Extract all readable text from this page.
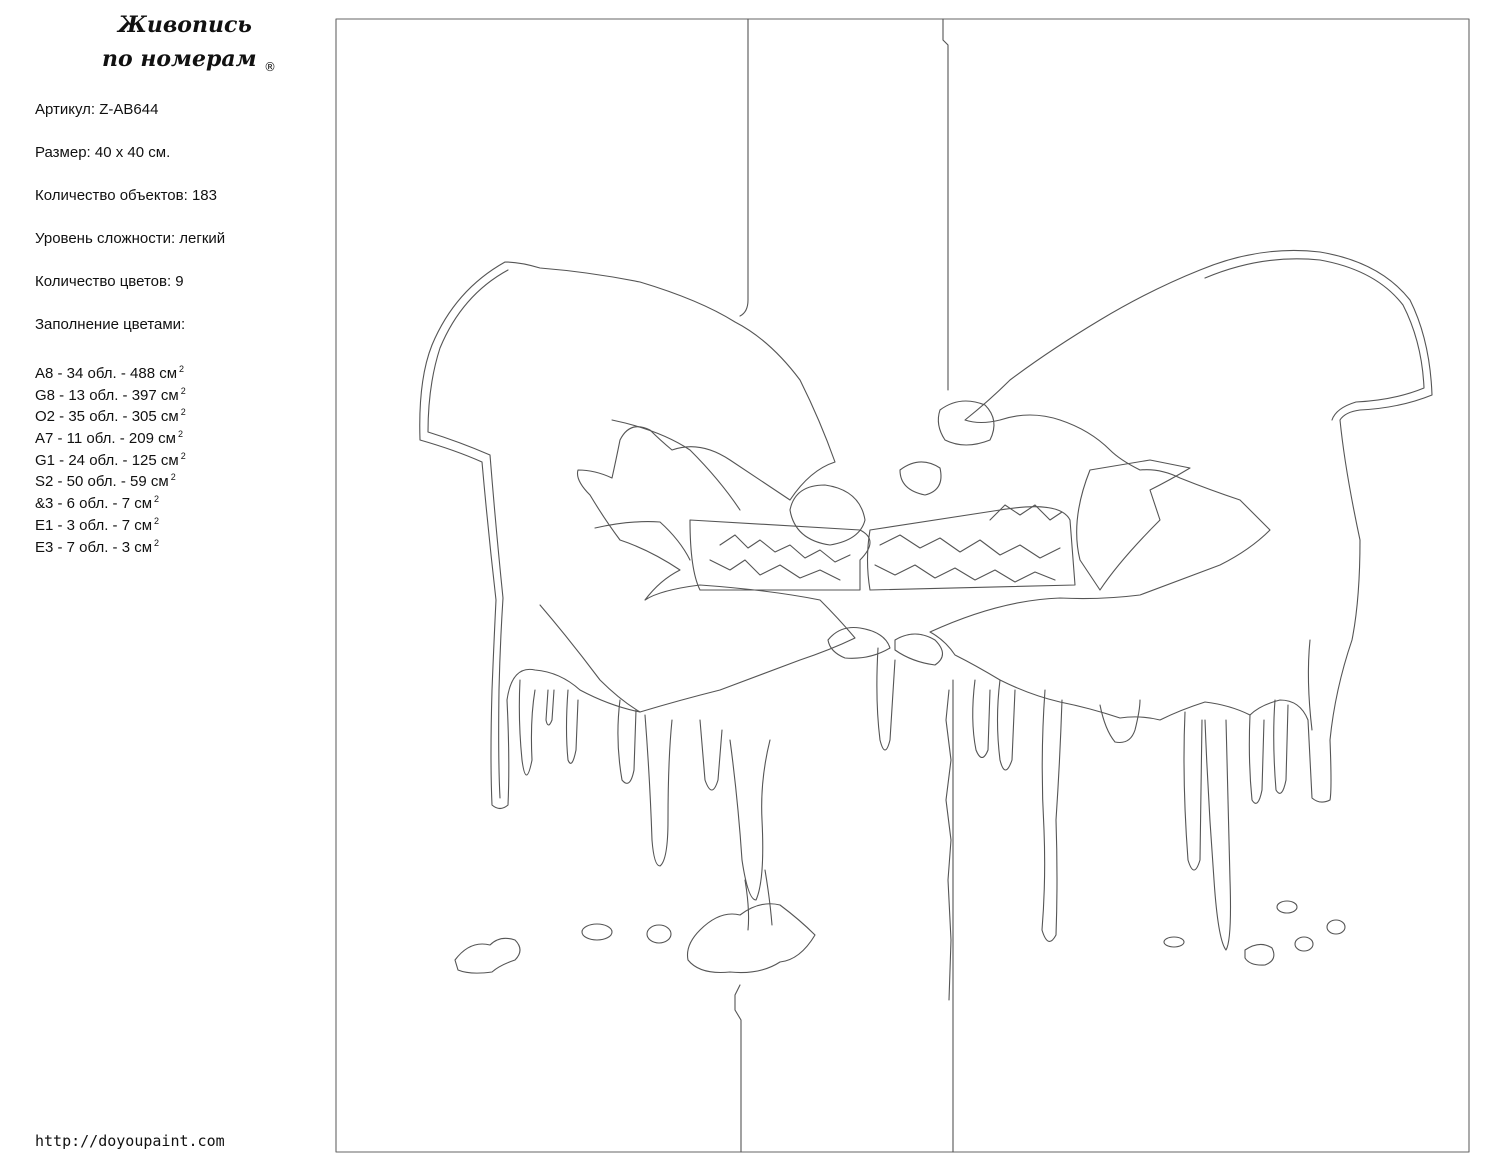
Живопись
по номерам ®
Артикул: Z-AB644
Размер: 40 х 40 см.
Количество объектов: 183
Уровень сложности: легкий
Количество цветов: 9
Заполнение цветами:
A8 - 34 обл. - 488 см $^2$
G8 - 13 обл. - 397 см $^2$
O2 - 35 обл. - 305 см $^2$
A7 - 11 обл. - 209 см $^2$
G1 - 24 обл. - 125 см $^2$
S2 - 50 обл. - 59 см $^2$
&3 - 6 обл. - 7 см $^2$
E1 - 3 обл. - 7 см $^2$
E3 - 7 обл. - 3 см $^2$
http://doyoupaint.com
